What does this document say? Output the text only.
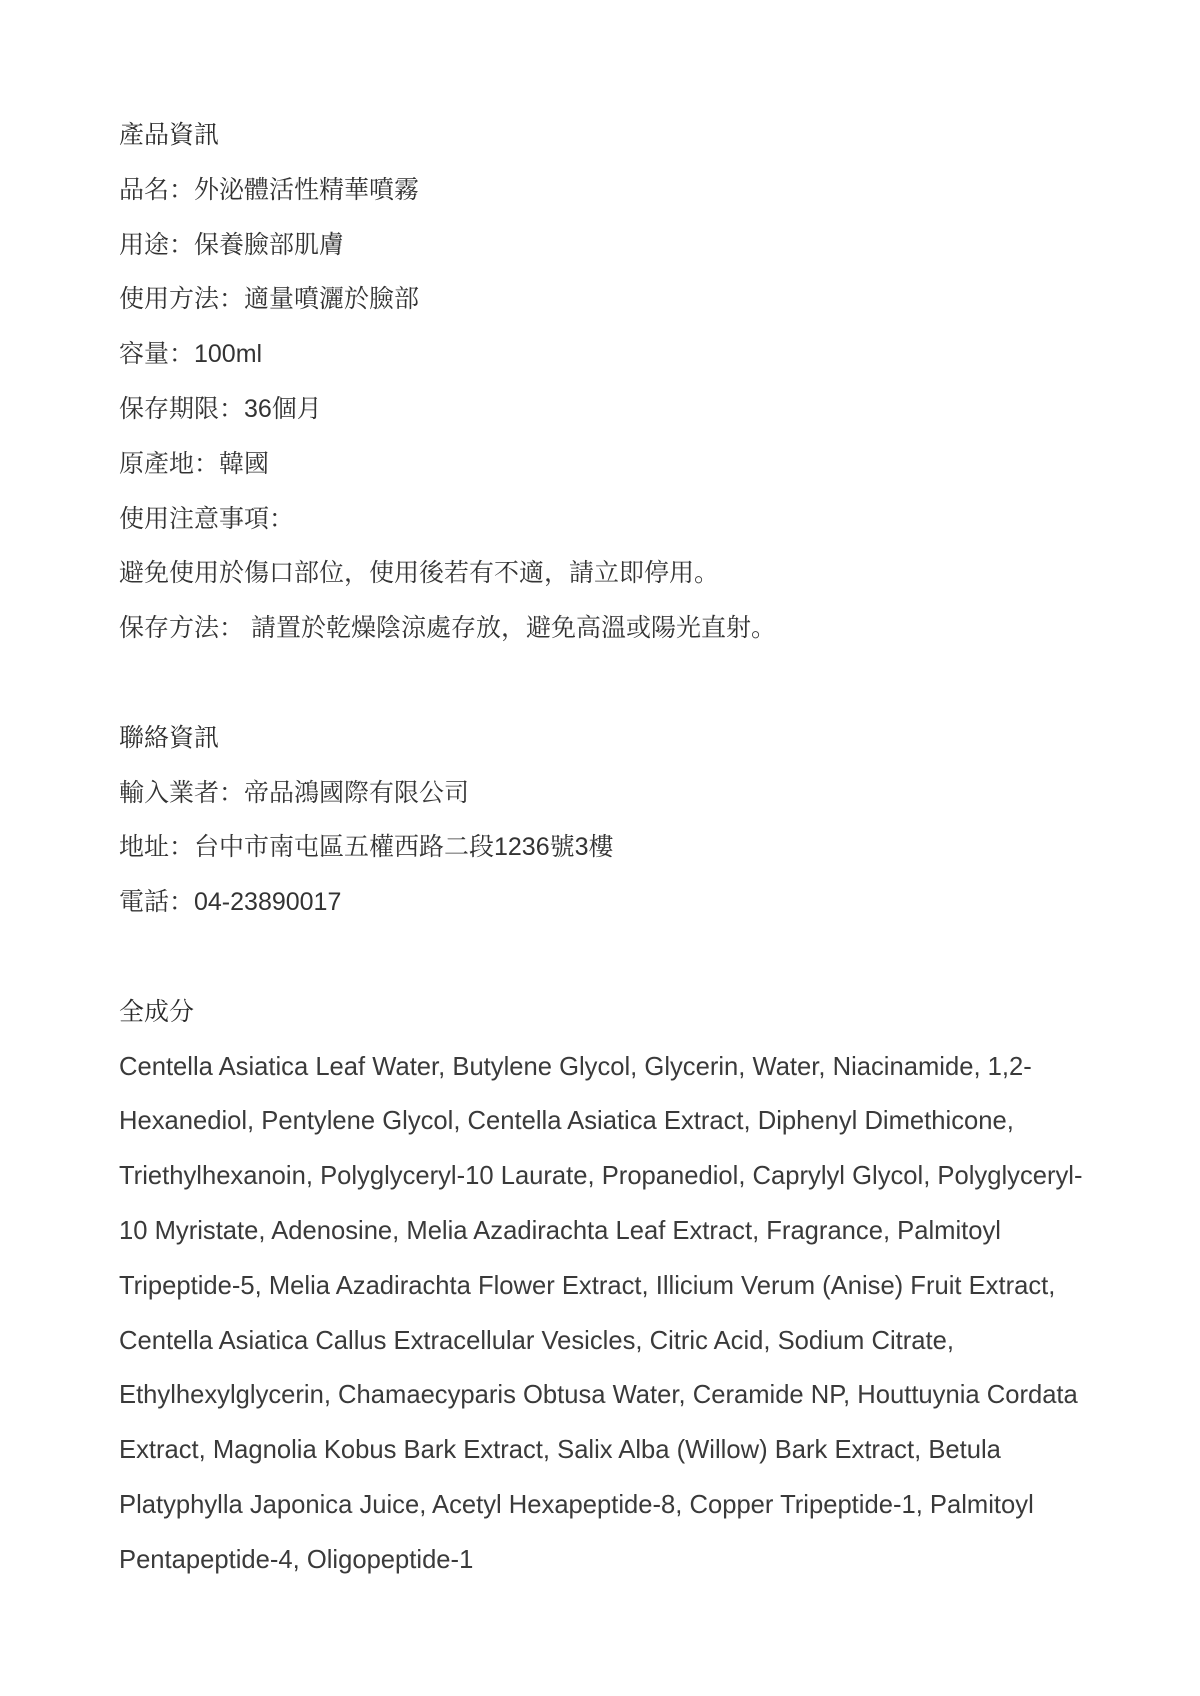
產品資訊
品名：外泌體活性精華噴霧
用途：保養臉部肌膚
使用方法：適量噴灑於臉部
容量：100ml
保存期限：36個月
原產地：韓國
使用注意事項：
避免使用於傷口部位，使用後若有不適，請立即停用。
保存方法： 請置於乾燥陰涼處存放，避免高溫或陽光直射。
聯絡資訊
輸入業者：帝品鴻國際有限公司
地址：台中市南屯區五權西路二段1236號3樓
電話：04-23890017
全成分

Centella Asiatica Leaf Water, Butylene Glycol, Glycerin, Water, Niacinamide, 1,2-Hexanediol, Pentylene Glycol, Centella Asiatica Extract, Diphenyl Dimethicone, Triethylhexanoin, Polyglyceryl-10 Laurate, Propanediol, Caprylyl Glycol, Polyglyceryl-10 Myristate, Adenosine, Melia Azadirachta Leaf Extract, Fragrance, Palmitoyl Tripeptide-5, Melia Azadirachta Flower Extract, Illicium Verum (Anise) Fruit Extract, Centella Asiatica Callus Extracellular Vesicles, Citric Acid, Sodium Citrate, Ethylhexylglycerin, Chamaecyparis Obtusa Water, Ceramide NP, Houttuynia Cordata Extract, Magnolia Kobus Bark Extract, Salix Alba (Willow) Bark Extract, Betula Platyphylla Japonica Juice, Acetyl Hexapeptide-8, Copper Tripeptide-1, Palmitoyl Pentapeptide-4, Oligopeptide-1
